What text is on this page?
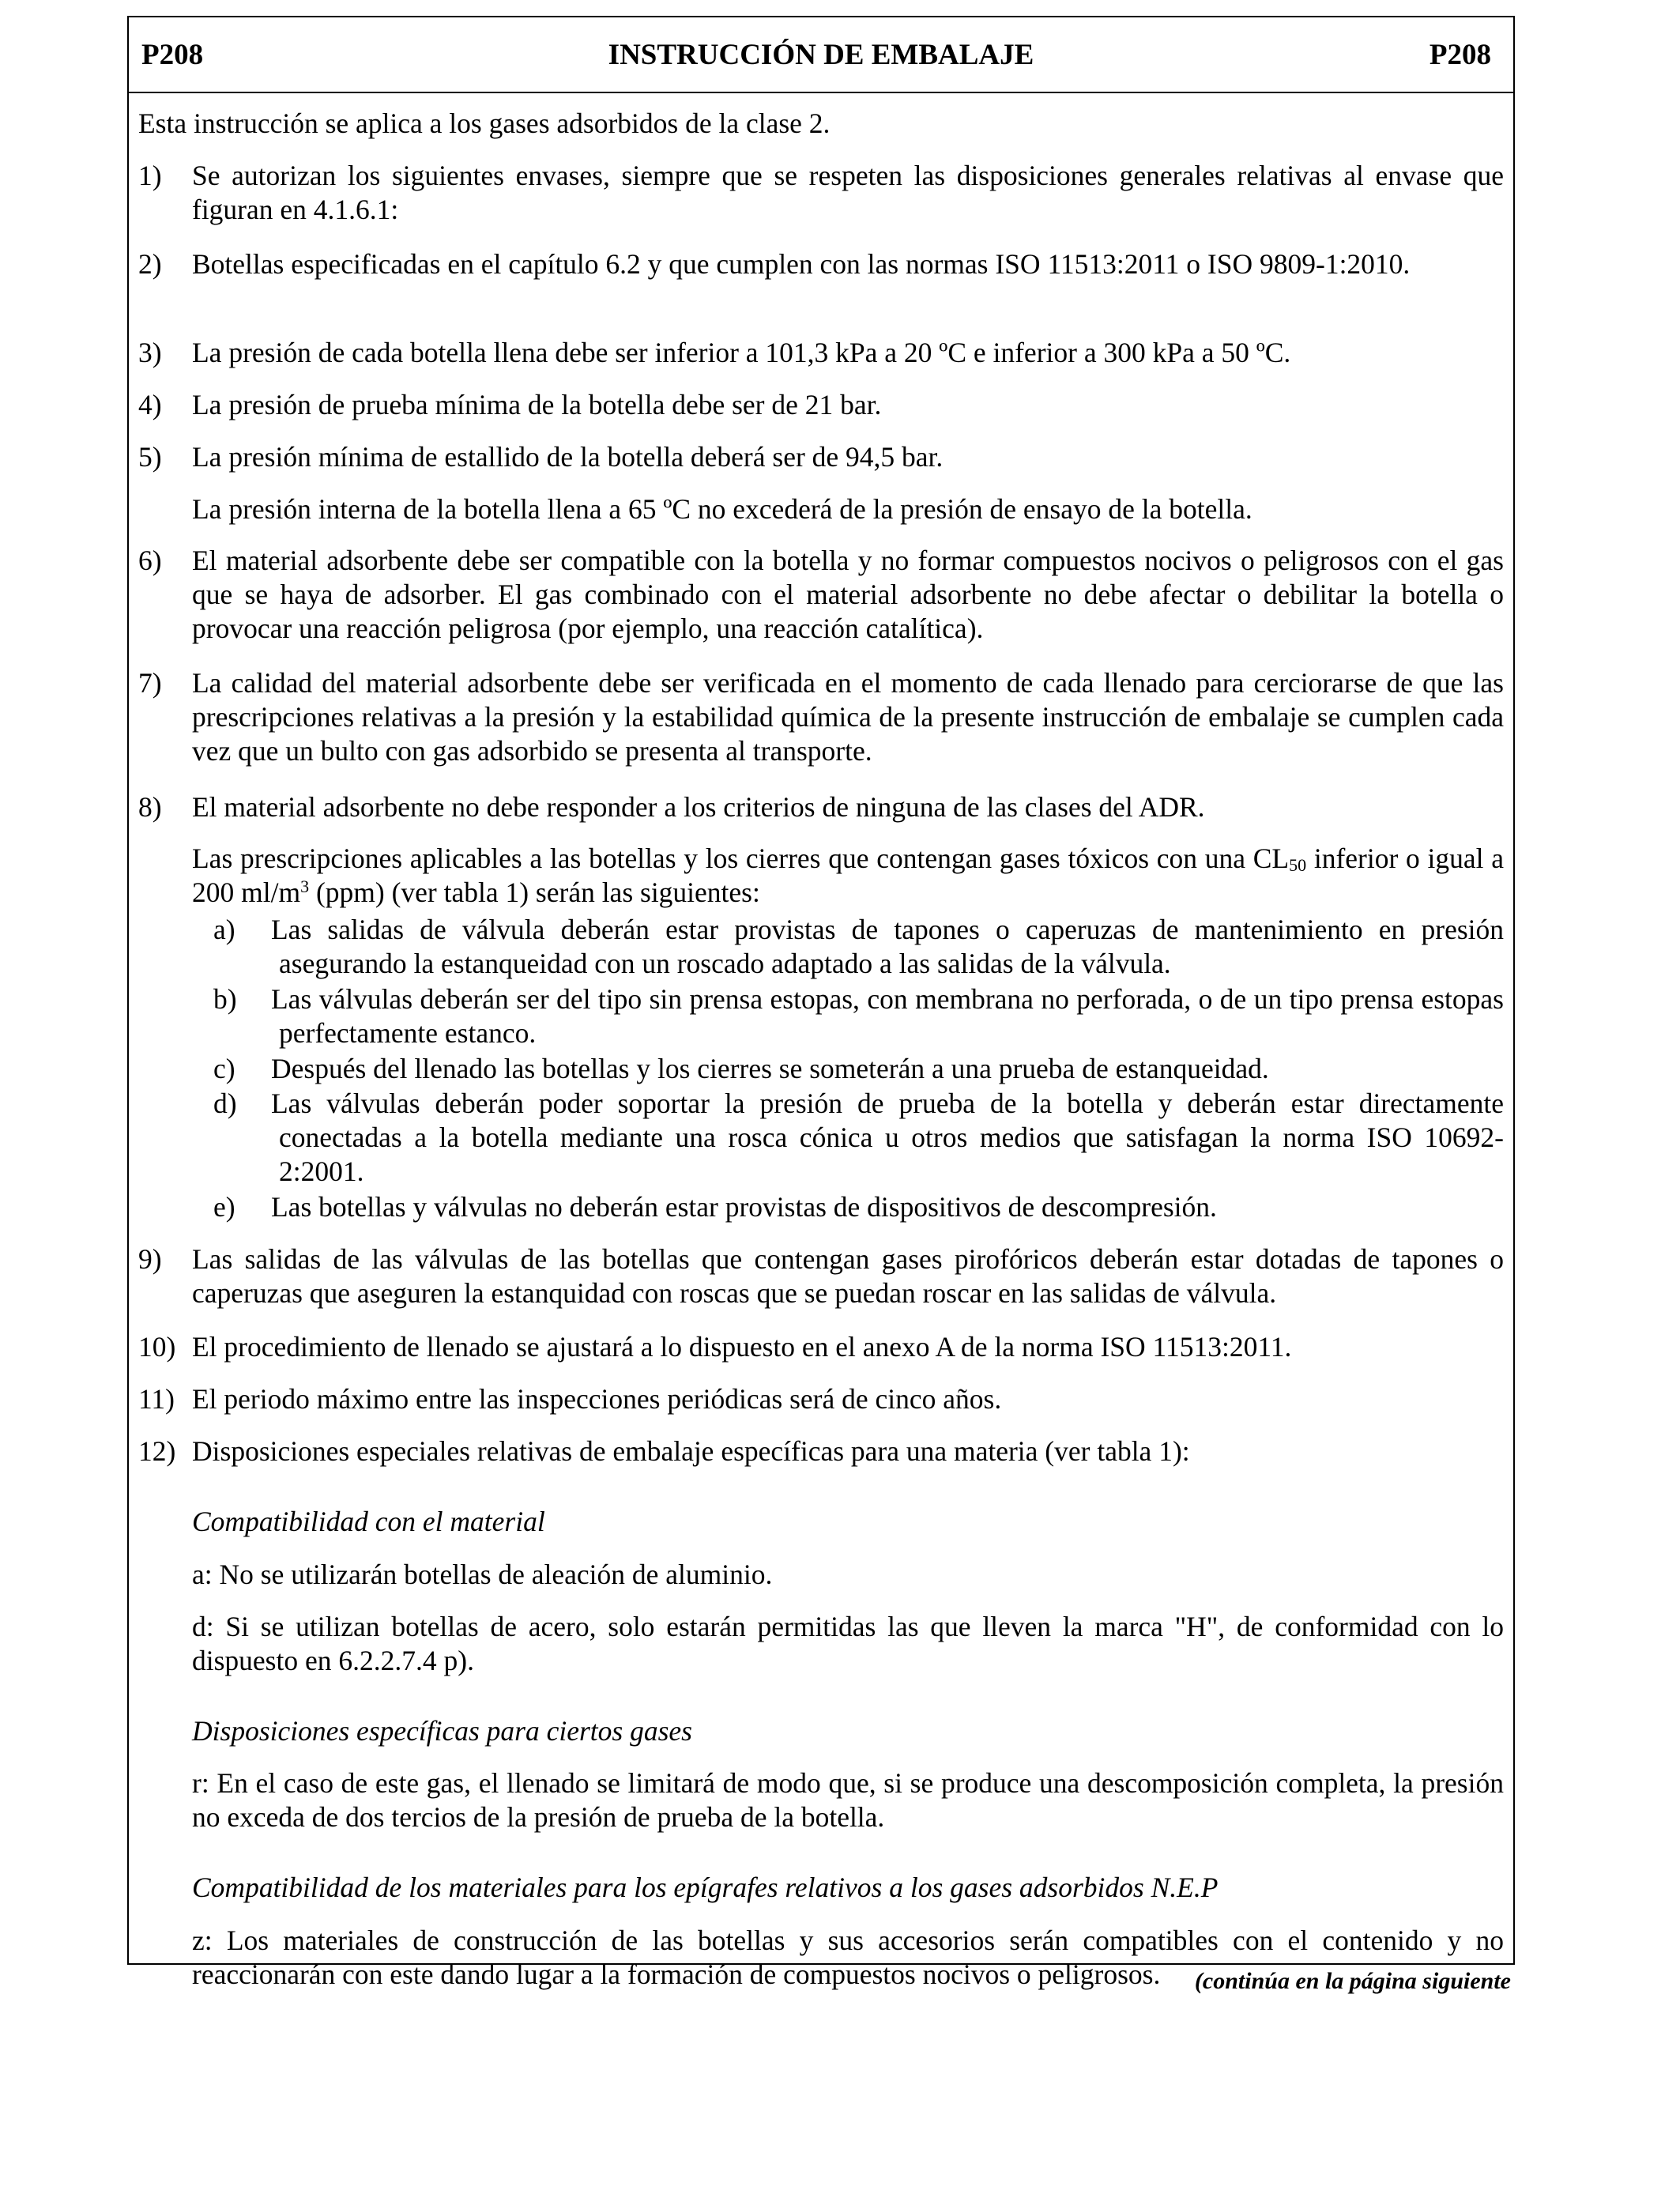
P208	INSTRUCCIÓN DE EMBALAJE	P208
Esta instrucción se aplica a los gases adsorbidos de la clase 2.
1) Se autorizan los siguientes envases, siempre que se respeten las disposiciones generales relativas al envase que figuran en 4.1.6.1:
2) Botellas especificadas en el capítulo 6.2 y que cumplen con las normas ISO 11513:2011 o ISO 9809-1:2010.
3) La presión de cada botella llena debe ser inferior a 101,3 kPa a 20 ºC e inferior a 300 kPa a 50 ºC.
4) La presión de prueba mínima de la botella debe ser de 21 bar.
5) La presión mínima de estallido de la botella deberá ser de 94,5 bar.
La presión interna de la botella llena a 65 ºC no excederá de la presión de ensayo de la botella.
6) El material adsorbente debe ser compatible con la botella y no formar compuestos nocivos o peligrosos con el gas que se haya de adsorber. El gas combinado con el material adsorbente no debe afectar o debilitar la botella o provocar una reacción peligrosa (por ejemplo, una reacción catalítica).
7) La calidad del material adsorbente debe ser verificada en el momento de cada llenado para cerciorarse de que las prescripciones relativas a la presión y la estabilidad química de la presente instrucción de embalaje se cumplen cada vez que un bulto con gas adsorbido se presenta al transporte.
8) El material adsorbente no debe responder a los criterios de ninguna de las clases del ADR.
Las prescripciones aplicables a las botellas y los cierres que contengan gases tóxicos con una $CL_{50}$ inferior o igual a 200 $ml/m^3$ (ppm) (ver tabla 1) serán las siguientes:
a) Las salidas de válvula deberán estar provistas de tapones o caperuzas de mantenimiento en presión asegurando la estanqueidad con un roscado adaptado a las salidas de la válvula.
b) Las válvulas deberán ser del tipo sin prensa estopas, con membrana no perforada, o de un tipo prensa estopas perfectamente estanco.
c) Después del llenado las botellas y los cierres se someterán a una prueba de estanqueidad.
d) Las válvulas deberán poder soportar la presión de prueba de la botella y deberán estar directamente conectadas a la botella mediante una rosca cónica u otros medios que satisfagan la norma ISO 10692-2:2001.
e) Las botellas y válvulas no deberán estar provistas de dispositivos de descompresión.
9) Las salidas de las válvulas de las botellas que contengan gases pirofóricos deberán estar dotadas de tapones o caperuzas que aseguren la estanquidad con roscas que se puedan roscar en las salidas de válvula.
10) El procedimiento de llenado se ajustará a lo dispuesto en el anexo A de la norma ISO 11513:2011.
11) El periodo máximo entre las inspecciones periódicas será de cinco años.
12) Disposiciones especiales relativas de embalaje específicas para una materia (ver tabla 1):
Compatibilidad con el material
a: No se utilizarán botellas de aleación de aluminio.
d: Si se utilizan botellas de acero, solo estarán permitidas las que lleven la marca "H", de conformidad con lo dispuesto en 6.2.2.7.4 p).
Disposiciones específicas para ciertos gases
r: En el caso de este gas, el llenado se limitará de modo que, si se produce una descomposición completa, la presión no exceda de dos tercios de la presión de prueba de la botella.
Compatibilidad de los materiales para los epígrafes relativos a los gases adsorbidos N.E.P
z: Los materiales de construcción de las botellas y sus accesorios serán compatibles con el contenido y no reaccionarán con este dando lugar a la formación de compuestos nocivos o peligrosos.	(continúa en la página siguiente
